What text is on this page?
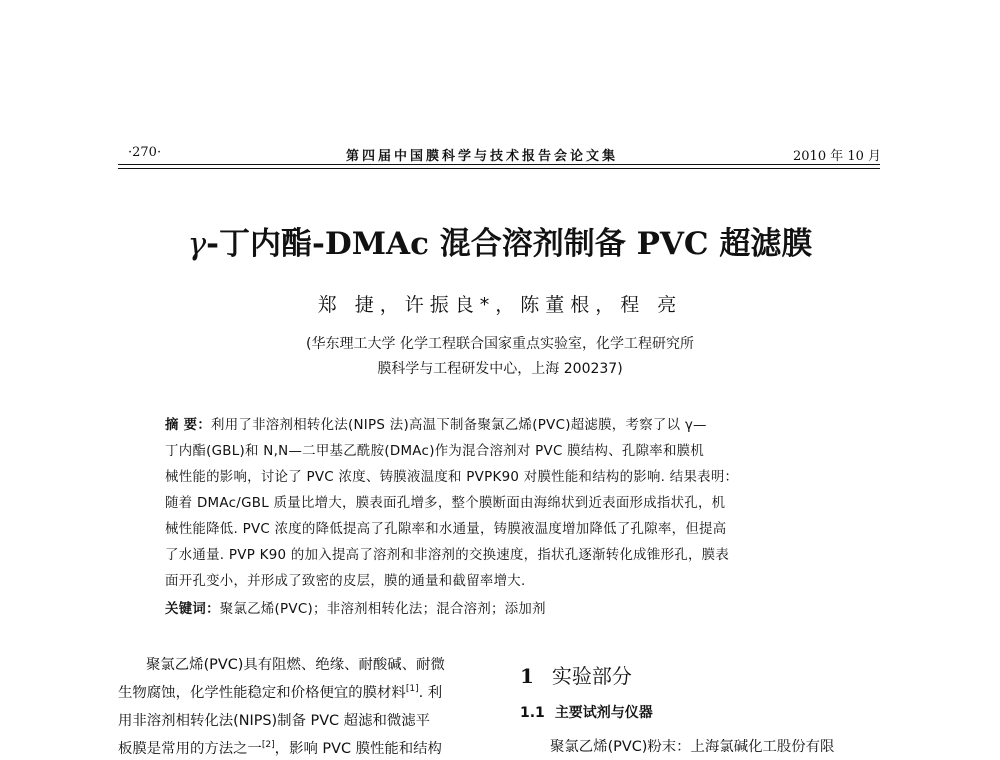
·270·	第四届中国膜科学与技术报告会论文集	2010 年 10 月
γ-丁内酯-DMAc 混合溶剂制备 PVC 超滤膜
郑 捷，许振良*，陈董根，程 亮
(华东理工大学 化学工程联合国家重点实验室，化学工程研究所
膜科学与工程研发中心，上海 200237)
摘 要：利用了非溶剂相转化法(NIPS 法)高温下制备聚氯乙烯(PVC)超滤膜，考察了以 γ—
丁内酯(GBL)和 N,N—二甲基乙酰胺(DMAc)作为混合溶剂对 PVC 膜结构、孔隙率和膜机
械性能的影响，讨论了 PVC 浓度、铸膜液温度和 PVPK90 对膜性能和结构的影响. 结果表明：
随着 DMAc/GBL 质量比增大，膜表面孔增多，整个膜断面由海绵状到近表面形成指状孔，机
械性能降低. PVC 浓度的降低提高了孔隙率和水通量，铸膜液温度增加降低了孔隙率，但提高
了水通量. PVP K90 的加入提高了溶剂和非溶剂的交换速度，指状孔逐渐转化成锥形孔，膜表
面开孔变小，并形成了致密的皮层，膜的通量和截留率增大.
关键词：聚氯乙烯(PVC)；非溶剂相转化法；混合溶剂；添加剂
聚氯乙烯(PVC)具有阻燃、绝缘、耐酸碱、耐微
生物腐蚀，化学性能稳定和价格便宜的膜材料[1]. 利
用非溶剂相转化法(NIPS)制备 PVC 超滤和微滤平
板膜是常用的方法之一[2]，影响 PVC 膜性能和结构
1 实验部分
1.1 主要试剂与仪器
聚氯乙烯(PVC)粉末：上海氯碱化工股份有限
